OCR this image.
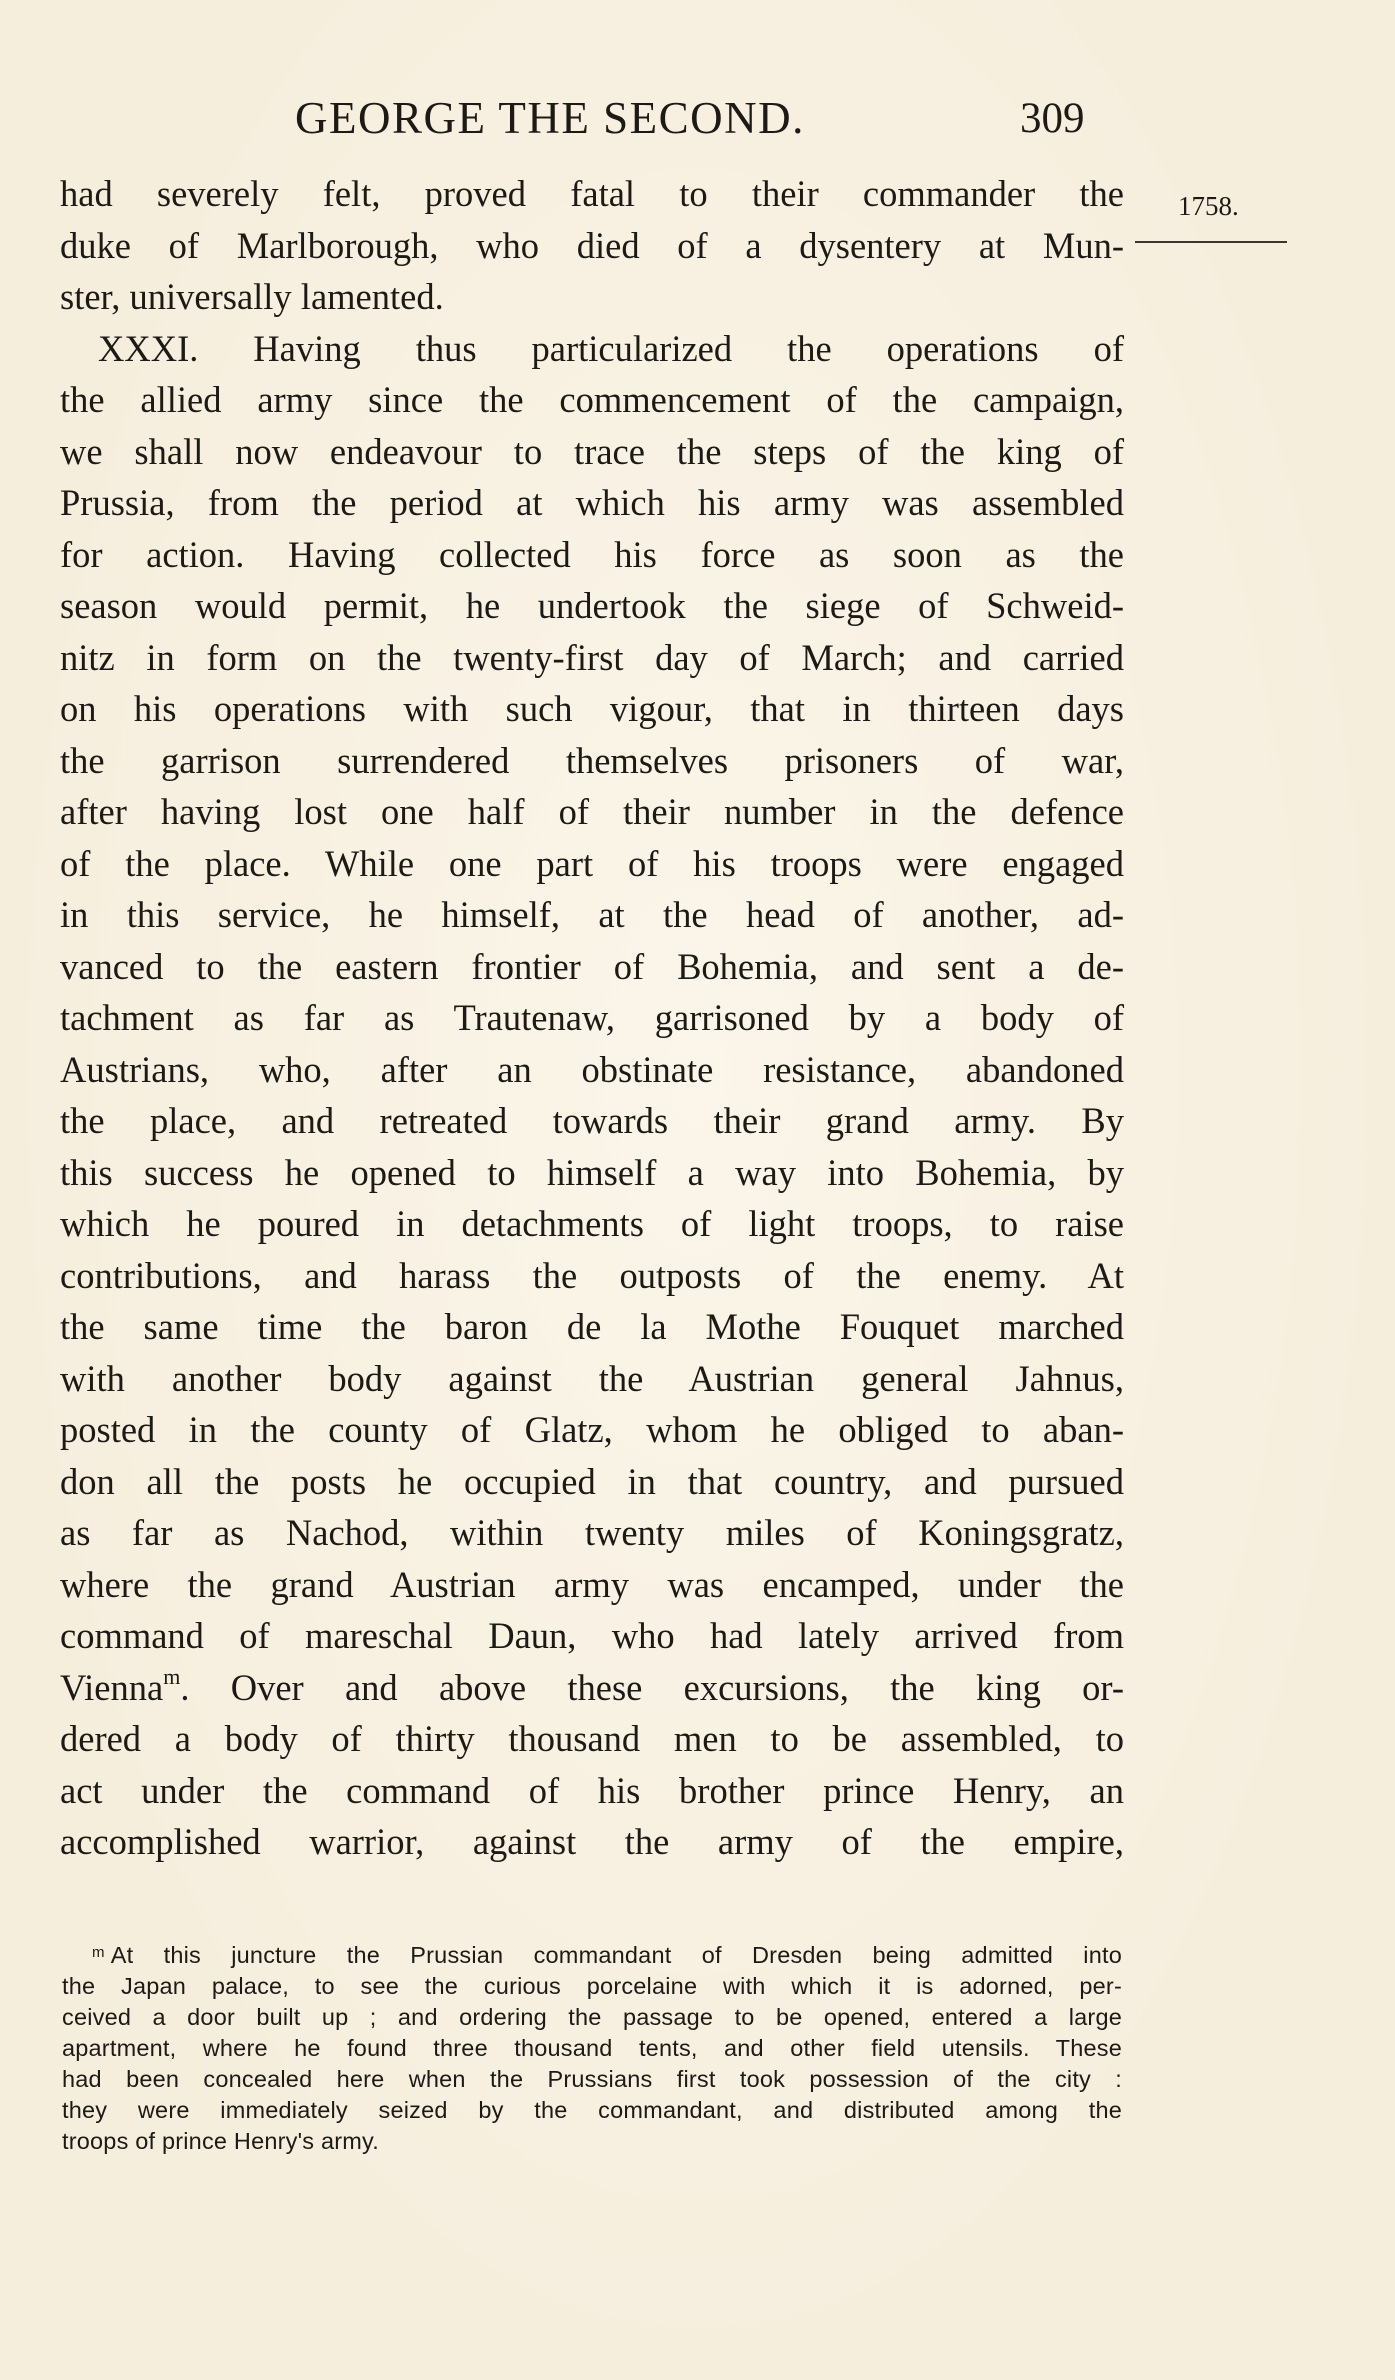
GEORGE THE SECOND.	309
1758.
had severely felt, proved fatal to their commander the
duke of Marlborough, who died of a dysentery at Mun-
ster, universally lamented.
XXXI. Having thus particularized the operations of
the allied army since the commencement of the campaign,
we shall now endeavour to trace the steps of the king of
Prussia, from the period at which his army was assembled
for action. Having collected his force as soon as the
season would permit, he undertook the siege of Schweid-
nitz in form on the twenty-first day of March; and carried
on his operations with such vigour, that in thirteen days
the garrison surrendered themselves prisoners of war,
after having lost one half of their number in the defence
of the place. While one part of his troops were engaged
in this service, he himself, at the head of another, ad-
vanced to the eastern frontier of Bohemia, and sent a de-
tachment as far as Trautenaw, garrisoned by a body of
Austrians, who, after an obstinate resistance, abandoned
the place, and retreated towards their grand army. By
this success he opened to himself a way into Bohemia, by
which he poured in detachments of light troops, to raise
contributions, and harass the outposts of the enemy. At
the same time the baron de la Mothe Fouquet marched
with another body against the Austrian general Jahnus,
posted in the county of Glatz, whom he obliged to aban-
don all the posts he occupied in that country, and pursued
as far as Nachod, within twenty miles of Koningsgratz,
where the grand Austrian army was encamped, under the
command of mareschal Daun, who had lately arrived from
Vienna$^m$. Over and above these excursions, the king or-
dered a body of thirty thousand men to be assembled, to
act under the command of his brother prince Henry, an
accomplished warrior, against the army of the empire,
$^m$ At this juncture the Prussian commandant of Dresden being admitted into
the Japan palace, to see the curious porcelaine with which it is adorned, per-
ceived a door built up ; and ordering the passage to be opened, entered a large
apartment, where he found three thousand tents, and other field utensils. These
had been concealed here when the Prussians first took possession of the city :
they were immediately seized by the commandant, and distributed among the
troops of prince Henry's army.
